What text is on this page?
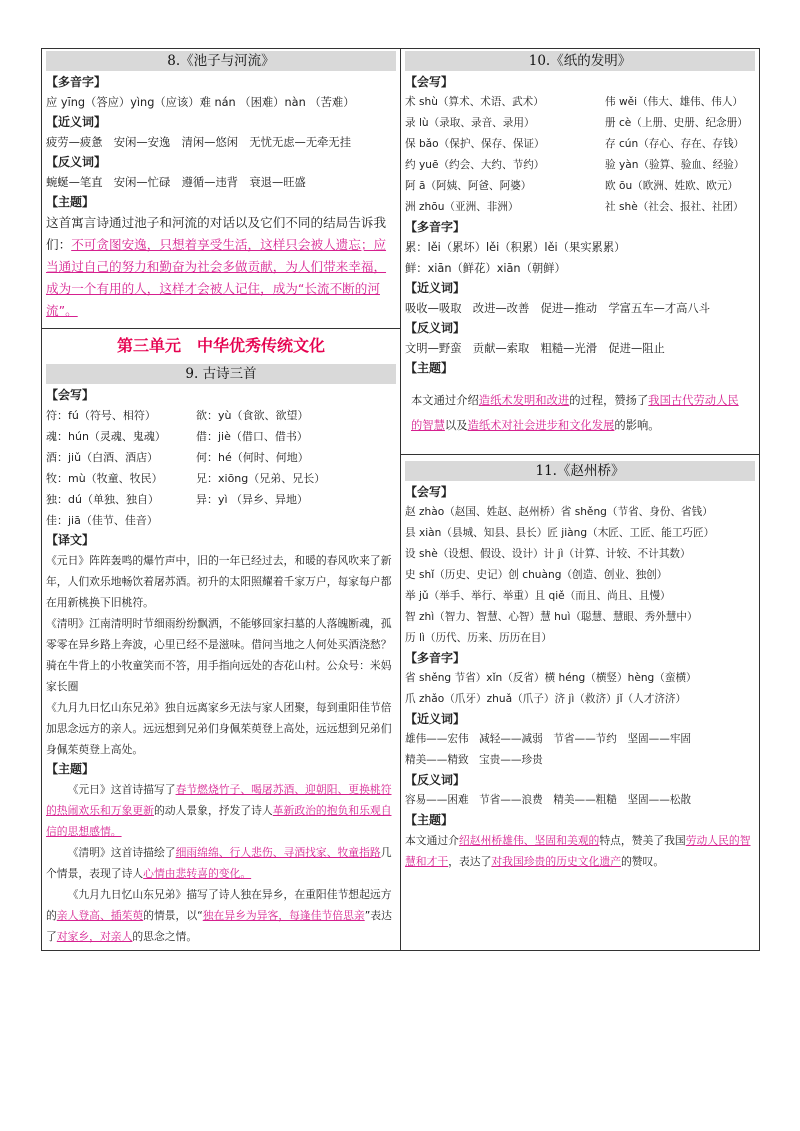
8.《池子与河流》
【多音字】
应 yīng（答应）yìng（应该）难 nán （困难）nàn （苦难）
【近义词】
疲劳—疲惫　安闲—安逸　清闲—悠闲　无忧无虑—无牵无挂
【反义词】
蜿蜒—笔直　安闲—忙碌　遵循—违背　衰退—旺盛
【主题】
这首寓言诗通过池子和河流的对话以及它们不同的结局告诉我们：不可贪图安逸，只想着享受生活，这样只会被人遗忘；应当通过自己的努力和勤奋为社会多做贡献，为人们带来幸福，成为一个有用的人，这样才会被人记住，成为“长流不断的河流”。
第三单元　中华优秀传统文化
9. 古诗三首
【会写】
符：fú（符号、相符）	欲：yù（食欲、欲望）
魂：hún（灵魂、鬼魂）	借：jiè（借口、借书）
酒：jiǔ（白酒、酒店）	何：hé（何时、何地）
牧：mù（牧童、牧民）	兄：xiōng（兄弟、兄长）
独：dú（单独、独自）	异：yì （异乡、异地）
佳：jiā（佳节、佳音）
【译文】
《元日》阵阵轰鸣的爆竹声中，旧的一年已经过去，和暖的春风吹来了新年，人们欢乐地畅饮着屠苏酒。初升的太阳照耀着千家万户，每家每户都在用新桃换下旧桃符。
《清明》江南清明时节细雨纷纷飘洒，不能够回家扫墓的人落魄断魂，孤零零在异乡路上奔波，心里已经不是滋味。借问当地之人何处买酒浇愁？骑在牛背上的小牧童笑而不答，用手指向远处的杏花山村。公众号：米妈家长圈
《九月九日忆山东兄弟》独自远离家乡无法与家人团聚，每到重阳佳节倍加思念远方的亲人。远远想到兄弟们身佩茱萸登上高处，远远想到兄弟们身佩茱萸登上高处。
【主题】
《元日》这首诗描写了春节燃烧竹子、喝屠苏酒、迎朝阳、更换桃符的热闹欢乐和万象更新的动人景象，抒发了诗人革新政治的抱负和乐观自信的思想感情。
《清明》这首诗描绘了细雨绵绵、行人悲伤、寻酒找家、牧童指路几个情景，表现了诗人心情由悲转喜的变化。
《九月九日忆山东兄弟》描写了诗人独在异乡，在重阳佳节想起远方的亲人登高、插茱萸的情景，以“独在异乡为异客，每逢佳节倍思亲”表达了对家乡，对亲人的思念之情。
10.《纸的发明》
【会写】
术 shù（算术、术语、武术）	伟 wěi（伟大、雄伟、伟人）
录 lù（录取、录音、录用）	册 cè（上册、史册、纪念册）
保 bǎo（保护、保存、保证）	存 cún（存心、存在、存钱）
约 yuē（约会、大约、节约）	验 yàn（验算、验血、经验）
阿 ā（阿姨、阿爸、阿婆）	欧 ōu（欧洲、姓欧、欧元）
洲 zhōu（亚洲、非洲）	社 shè（社会、报社、社团）
【多音字】
累：lěi（累坏）lěi（积累）lěi（果实累累）
鲜：xiān（鲜花）xiān（朝鲜）
【近义词】
吸收—吸取　改进—改善　促进—推动　学富五车—才高八斗
【反义词】
文明—野蛮　贡献—索取　粗糙—光滑　促进—阻止
【主题】
本文通过介绍造纸术发明和改进的过程，赞扬了我国古代劳动人民的智慧以及造纸术对社会进步和文化发展的影响。
11.《赵州桥》
【会写】
赵 zhào（赵国、姓赵、赵州桥）省 shěng（节省、身份、省钱）
县 xiàn（县城、知县、县长）匠 jiàng（木匠、工匠、能工巧匠）
设 shè（设想、假设、设计）计 jì（计算、计较、不计其数）
史 shǐ（历史、史记）创 chuàng（创造、创业、独创）
举 jǔ（举手、举行、举重）且 qiě（而且、尚且、且慢）
智 zhì（智力、智慧、心智）慧 huì（聪慧、慧眼、秀外慧中）
历 lì（历代、历来、历历在目）
【多音字】
省 shěng 节省）xǐn（反省）横 héng（横竖）hèng（蛮横）
爪 zhǎo（爪牙）zhuǎ（爪子）济 jì（救济）jǐ（人才济济）
【近义词】
雄伟——宏伟　减轻——减弱　节省——节约　坚固——牢固
精美——精致　宝贵——珍贵
【反义词】
容易——困难　节省——浪费　精美——粗糙　坚固——松散
【主题】
本文通过介绍赵州桥雄伟、坚固和美观的特点，赞美了我国劳动人民的智慧和才干，表达了对我国珍贵的历史文化遗产的赞叹。
